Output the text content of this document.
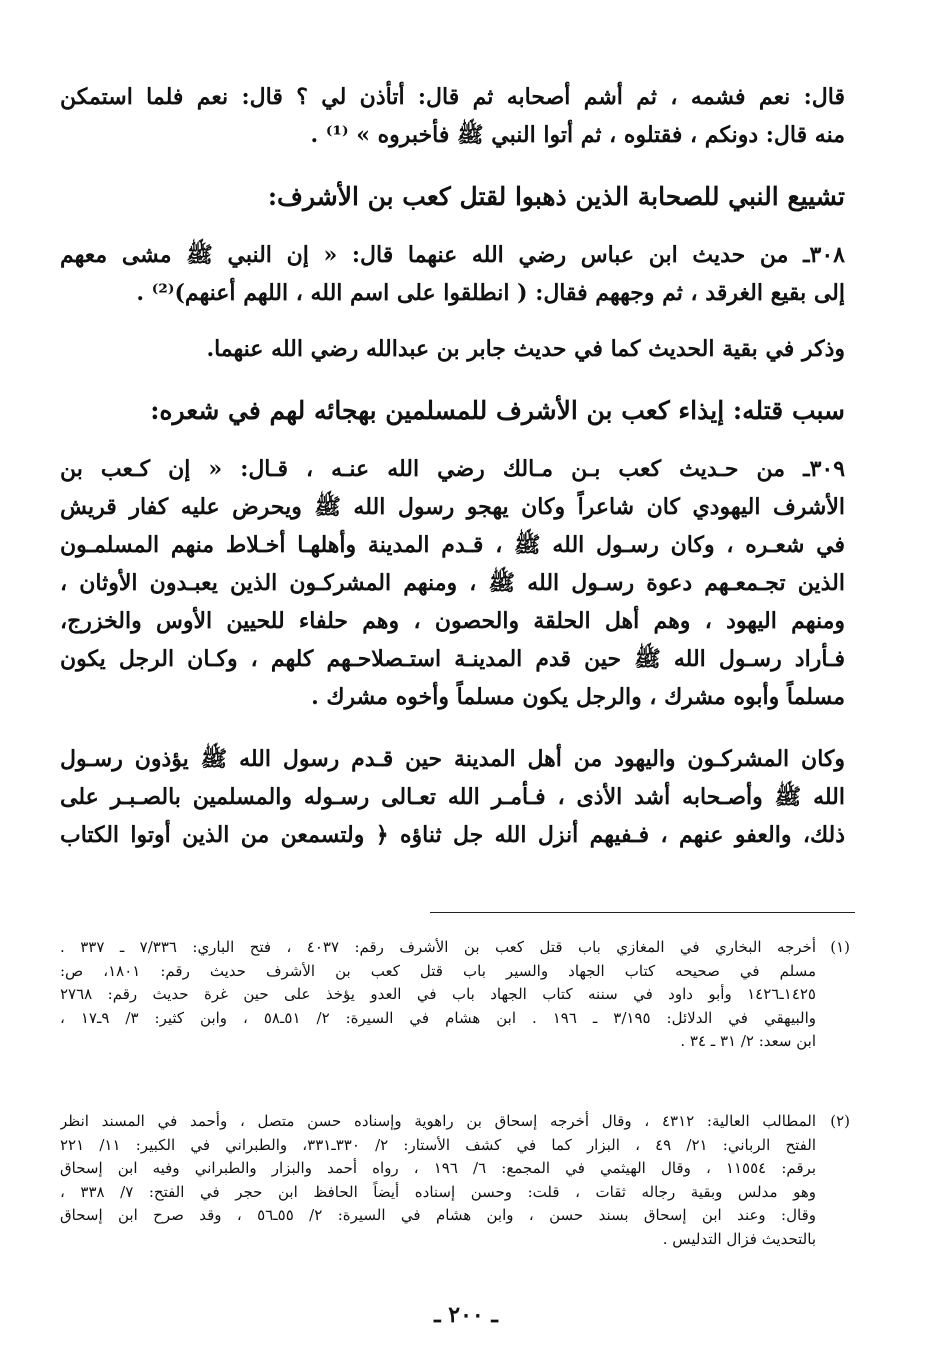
قال: نعم فشمه ، ثم أشم أصحابه ثم قال: أتأذن لي ؟ قال: نعم فلما استمكن
منه قال: دونكم ، فقتلوه ، ثم أتوا النبي ﷺ فأخبروه » ⁽¹⁾ .
تشييع النبي للصحابة الذين ذهبوا لقتل كعب بن الأشرف:
٣٠٨ـ من حديث ابن عباس رضي الله عنهما قال: « إن النبي ﷺ مشى معهم
إلى بقيع الغرقد ، ثم وجههم فقال: ( انطلقوا على اسم الله ، اللهم أعنهم)⁽²⁾ .
وذكر في بقية الحديث كما في حديث جابر بن عبدالله رضي الله عنهما.
سبب قتله: إيذاء كعب بن الأشرف للمسلمين بهجائه لهم في شعره:
٣٠٩ـ من حـديث كعب بـن مـالك رضي الله عنـه ، قـال: « إن كـعب بن
الأشرف اليهودي كان شاعراً وكان يهجو رسول الله ﷺ ويحرض عليه كفار قريش
في شعـره ، وكان رسـول الله ﷺ ، قـدم المدينة وأهلهـا أخـلاط منهم المسلمـون
الذين تجـمعـهم دعوة رسـول الله ﷺ ، ومنهم المشركـون الذين يعبـدون الأوثان ،
ومنهم اليهود ، وهم أهل الحلقة والحصون ، وهم حلفاء للحيين الأوس والخزرج،
فـأراد رسـول الله ﷺ حين قدم المدينـة استـصلاحـهم كلهم ، وكـان الرجل يكون
مسلماً وأبوه مشرك ، والرجل يكون مسلماً وأخوه مشرك .
وكان المشركـون واليهود من أهل المدينة حين قـدم رسول الله ﷺ يؤذون رسـول
الله ﷺ وأصـحابه أشد الأذى ، فـأمـر الله تعـالى رسـوله والمسلمين بالصـبـر على
ذلك، والعفو عنهم ، فـفيهم أنزل الله جل ثناؤه ﴿ ولتسمعن من الذين أوتوا الكتاب
(١)
أخرجه البخاري في المغازي باب قتل كعب بن الأشرف رقم: ٤٠٣٧ ، فتح الباري: ٧/٣٣٦ ـ ٣٣٧ .
مسلم في صحيحه كتاب الجهاد والسير باب قتل كعب بن الأشرف حديث رقم: ١٨٠١، ص:
١٤٢٥ـ١٤٢٦ وأبو داود في سننه كتاب الجهاد باب في العدو يؤخذ على حين غرة حديث رقم: ٢٧٦٨
والبيهقي في الدلائل: ٣/١٩٥ ـ ١٩٦ . ابن هشام في السيرة: ٢/ ٥١ـ٥٨ ، وابن كثير: ٣/ ٩ـ١٧ ،
ابن سعد: ٢/ ٣١ ـ ٣٤ .
(٢)
المطالب العالية: ٤٣١٢ ، وقال أخرجه إسحاق بن راهوية وإسناده حسن متصل ، وأحمد في المسند انظر
الفتح الرباني: ٢١/ ٤٩ ، البزار كما في كشف الأستار: ٢/ ٣٣٠ـ٣٣١، والطبراني في الكبير: ١١/ ٢٢١
برقم: ١١٥٥٤ ، وقال الهيثمي في المجمع: ٦/ ١٩٦ ، رواه أحمد والبزار والطبراني وفيه ابن إسحاق
وهو مدلس وبقية رجاله ثقات ، قلت: وحسن إسناده أيضاً الحافظ ابن حجر في الفتح: ٧/ ٣٣٨ ،
وقال: وعند ابن إسحاق بسند حسن ، وابن هشام في السيرة: ٢/ ٥٥ـ٥٦ ، وقد صرح ابن إسحاق
بالتحديث فزال التدليس .
ـ ٢٠٠ ـ
